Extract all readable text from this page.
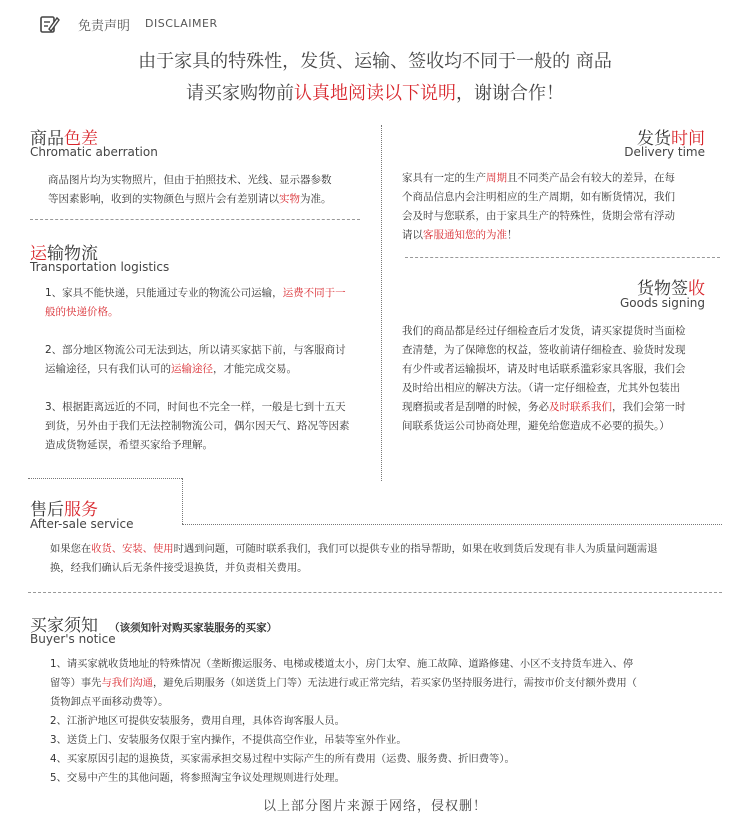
免责声明 DISCLAIMER
由于家具的特殊性，发货、运输、签收均不同于一般的 商品
请买家购物前认真地阅读以下说明，谢谢合作！
商品色差
Chromatic aberration

商品图片均为实物照片，但由于拍照技术、光线、显示器参数

等因素影响，收到的实物颜色与照片会有差别请以实物为准。

运输物流
Transportation logistics

1、家具不能快递，只能通过专业的物流公司运输，运费不同于一

般的快递价格。

2、部分地区物流公司无法到达，所以请买家掂下前，与客服商讨

运输途径，只有我们认可的运输途径，才能完成交易。

3、根据距离远近的不同，时间也不完全一样，一般是七到十五天

到货，另外由于我们无法控制物流公司，偶尔因天气、路况等因素

造成货物延误，希望买家给予理解。

发货时间
Delivery time

家具有一定的生产周期且不同类产品会有较大的差异，在每

个商品信息内会注明相应的生产周期，如有断货情况，我们

会及时与您联系，由于家具生产的特殊性，货期会常有浮动

请以客服通知您的为准！

货物签收
Goods signing

我们的商品都是经过仔细检查后才发货，请买家提货时当面检

查清楚，为了保障您的权益，签收前请仔细检查、验货时发现

有少件或者运输损坏，请及时电话联系滥彩家具客服，我们会

及时给出相应的解决方法。（请一定仔细检查，尤其外包装出

现磨损或者是刮噌的时候，务必及时联系我们，我们会第一时

间联系货运公司协商处理，避免给您造成不必要的损失。）

售后服务
After-sale service

如果您在收货、安装、使用时遇到问题，可随时联系我们，我们可以提供专业的指导帮助，如果在收到货后发现有非人为质量问题需退

换，经我们确认后无条件接受退换货，并负责相关费用。

买家须知 （该须知针对购买家装服务的买家）
Buyer's notice

1、请买家就收货地址的特殊情况（垄断搬运服务、电梯或楼道太小，房门太窄、施工故障、道路修建、小区不支持货车进入、停

留等）事先与我们沟通，避免后期服务（如送货上门等）无法进行或正常完结，若买家仍坚持服务进行，需按市价支付额外费用（

货物卸点平面移动费等）。

2、江浙沪地区可提供安装服务，费用自理，具体咨询客服人员。

3、送货上门、安装服务仅限于室内操作，不提供高空作业，吊装等室外作业。

4、买家原因引起的退换货，买家需承担交易过程中实际产生的所有费用（运费、服务费、折旧费等）。

5、交易中产生的其他问题，将参照淘宝争议处理规则进行处理。

以上部分图片来源于网络，侵权删！
